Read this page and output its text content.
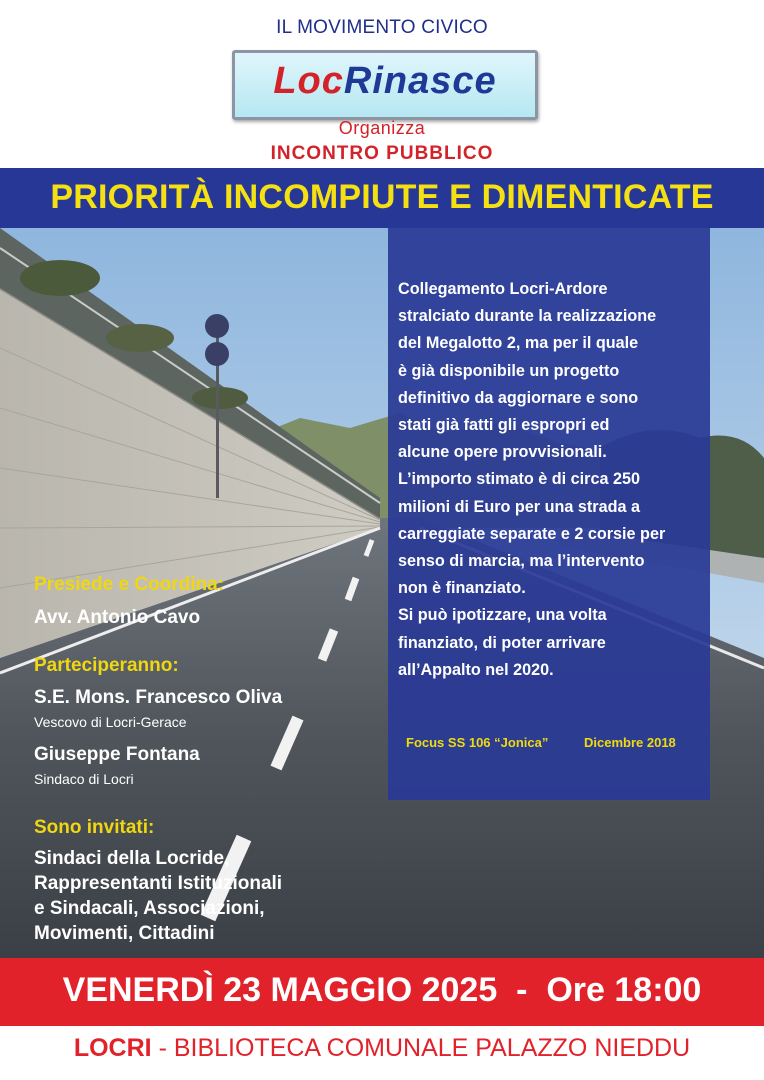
IL MOVIMENTO CIVICO
LocRinasce
Organizza
INCONTRO PUBBLICO
PRIORITÀ INCOMPIUTE E DIMENTICATE
Collegamento Locri-Ardore
stralciato durante la realizzazione
del Megalotto 2, ma per il quale
è già disponibile un progetto
definitivo da aggiornare e sono
stati già fatti gli espropri ed
alcune opere provvisionali.
L’importo stimato è di circa 250
milioni di Euro per una strada a
carreggiate separate e 2 corsie per
senso di marcia, ma l’intervento
non è finanziato.
Si può ipotizzare, una volta
finanziato, di poter arrivare
all’Appalto nel 2020.
Focus SS 106 “Jonica”	Dicembre 2018
Presiede e Coordina:
Avv. Antonio Cavo
Parteciperanno:
S.E. Mons. Francesco Oliva
Vescovo di Locri-Gerace
Giuseppe Fontana
Sindaco di Locri
Sono invitati:
Sindaci della Locride,
Rappresentanti Istituzionali
e Sindacali, Associazioni,
Movimenti, Cittadini
VENERDÌ 23 MAGGIO 2025  -  Ore 18:00
LOCRI - BIBLIOTECA COMUNALE PALAZZO NIEDDU
